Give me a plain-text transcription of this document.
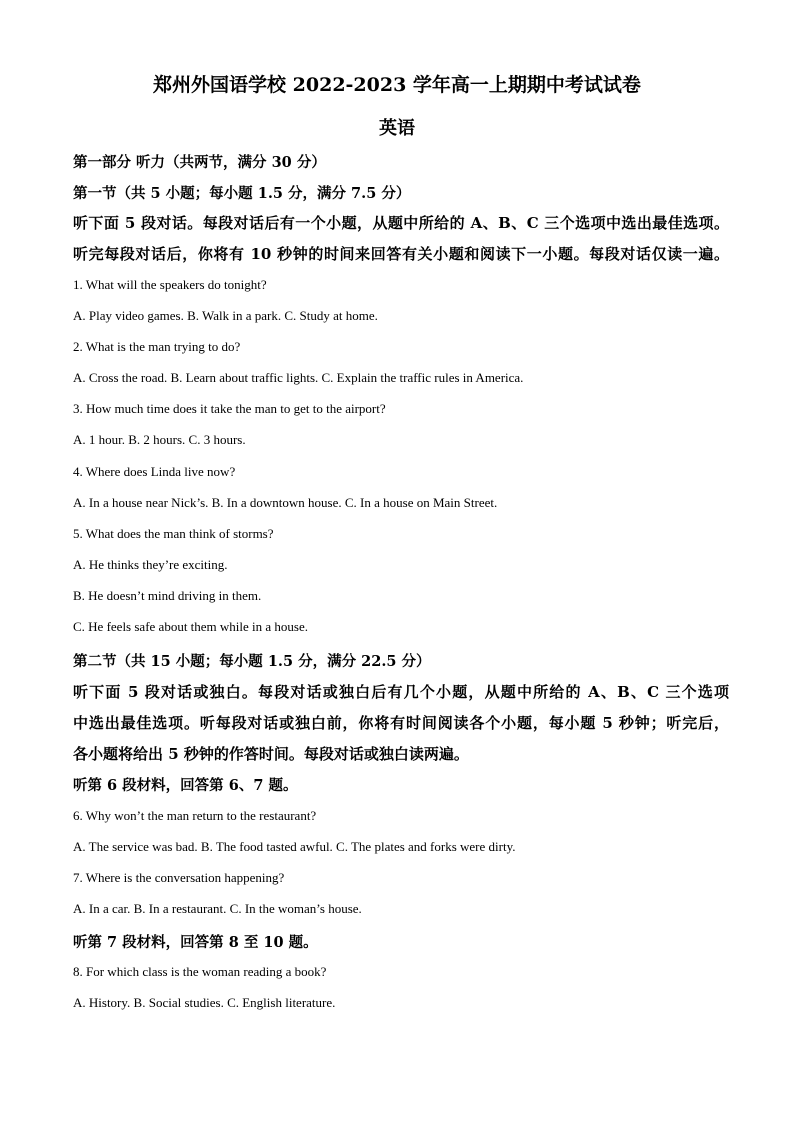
郑州外国语学校 2022-2023 学年高一上期期中考试试卷
英语
第一部分 听力（共两节，满分 30 分）
第一节（共 5 小题；每小题 1.5 分，满分 7.5 分）
听下面 5 段对话。每段对话后有一个小题，从题中所给的 A、B、C 三个选项中选出最佳选项。
听完每段对话后，你将有 10 秒钟的时间来回答有关小题和阅读下一小题。每段对话仅读一遍。
1. What will the speakers do tonight?
A. Play video games. B. Walk in a park. C. Study at home.
2. What is the man trying to do?
A. Cross the road. B. Learn about traffic lights. C. Explain the traffic rules in America.
3. How much time does it take the man to get to the airport?
A. 1 hour. B. 2 hours. C. 3 hours.
4. Where does Linda live now?
A. In a house near Nick’s. B. In a downtown house. C. In a house on Main Street.
5. What does the man think of storms?
A. He thinks they’re exciting.
B. He doesn’t mind driving in them.
C. He feels safe about them while in a house.
第二节（共 15 小题；每小题 1.5 分，满分 22.5 分）
听下面 5 段对话或独白。每段对话或独白后有几个小题，从题中所给的 A、B、C 三个选项
中选出最佳选项。听每段对话或独白前，你将有时间阅读各个小题，每小题 5 秒钟；听完后，
各小题将给出 5 秒钟的作答时间。每段对话或独白读两遍。
听第 6 段材料，回答第 6、7 题。
6. Why won’t the man return to the restaurant?
A. The service was bad. B. The food tasted awful. C. The plates and forks were dirty.
7. Where is the conversation happening?
A. In a car. B. In a restaurant. C. In the woman’s house.
听第 7 段材料，回答第 8 至 10 题。
8. For which class is the woman reading a book?
A. History. B. Social studies. C. English literature.
